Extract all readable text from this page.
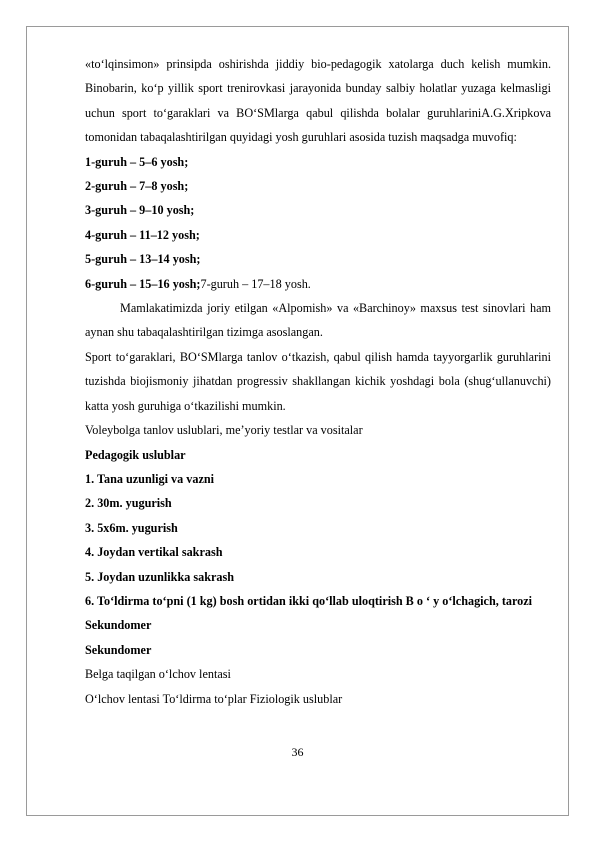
«to‘lqinsimon» prinsipda oshirishda jiddiy bio-pedagogik xatolarga duch kelish mumkin. Binobarin, ko‘p yillik sport trenirovkasi jarayonida bunday salbiy holatlar yuzaga kelmasligi uchun sport to‘garaklari va BO‘SMlarga qabul qilishda bolalar guruhlariniA.G.Xripkova tomonidan tabaqalashtirilgan quyidagi yosh guruhlari asosida tuzish maqsadga muvofiq:

1-guruh – 5–6 yosh;

2-guruh – 7–8 yosh;

3-guruh – 9–10 yosh;

4-guruh – 11–12 yosh;

5-guruh – 13–14 yosh;

6-guruh – 15–16 yosh;7-guruh – 17–18 yosh.

Mamlakatimizda joriy etilgan «Alpomish» va «Barchinoy» maxsus test sinovlari ham aynan shu tabaqalashtirilgan tizimga asoslangan.

Sport to‘garaklari, BO‘SMlarga tanlov o‘tkazish, qabul qilish hamda tayyorgarlik guruhlarini tuzishda biojismoniy jihatdan progressiv shakllangan kichik yoshdagi bola (shug‘ullanuvchi) katta yosh guruhiga o‘tkazilishi mumkin.

Voleybolga tanlov uslublari, me’yoriy testlar va vositalar

Pedagogik uslublar

1. Tana uzunligi va vazni

2. 30m. yugurish

3. 5x6m. yugurish

4. Joydan vertikal sakrash

5. Joydan uzunlikka sakrash

6. To‘ldirma to‘pni (1 kg) bosh ortidan ikki qo‘llab uloqtirish B o ‘ y o‘lchagich, tarozi

Sekundomer

Sekundomer

Belga taqilgan o‘lchov lentasi

O‘lchov lentasi To‘ldirma to‘plar Fiziologik uslublar

36
